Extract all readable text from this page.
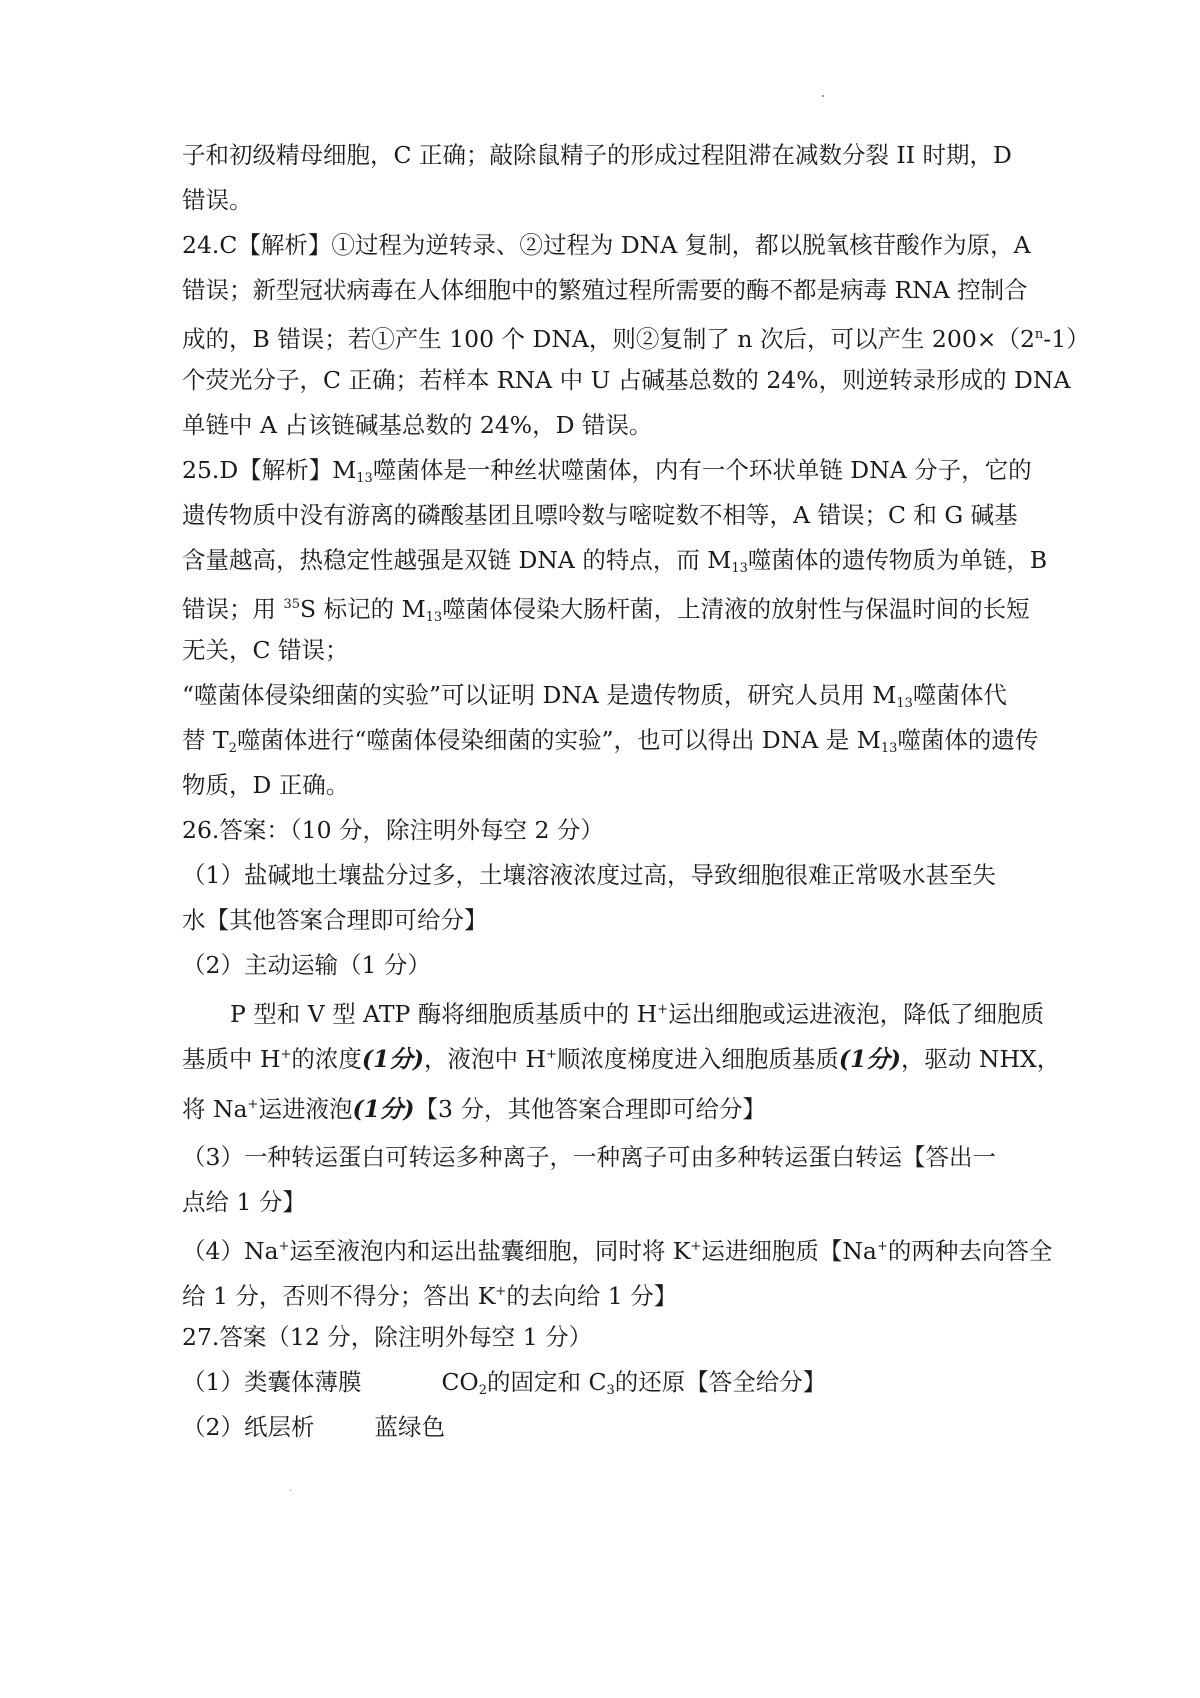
子和初级精母细胞，C 正确；敲除鼠精子的形成过程阻滞在减数分裂 II 时期，D
错误。
24.C【解析】①过程为逆转录、②过程为 DNA 复制，都以脱氧核苷酸作为原，A
错误；新型冠状病毒在人体细胞中的繁殖过程所需要的酶不都是病毒 RNA 控制合
成的，B 错误；若①产生 100 个 DNA，则②复制了 n 次后，可以产生 $200\times(2^n-1)$
个荧光分子，C 正确；若样本 RNA 中 U 占碱基总数的 24%，则逆转录形成的 DNA
单链中 A 占该链碱基总数的 24%，D 错误。
25.D【解析】$M_{13}$噬菌体是一种丝状噬菌体，内有一个环状单链 DNA 分子，它的
遗传物质中没有游离的磷酸基团且嘌呤数与嘧啶数不相等，A 错误；C 和 G 碱基
含量越高，热稳定性越强是双链 DNA 的特点，而 $M_{13}$噬菌体的遗传物质为单链，B
错误；用 $^{35}$S 标记的 $M_{13}$噬菌体侵染大肠杆菌，上清液的放射性与保温时间的长短
无关，C 错误；
“噬菌体侵染细菌的实验”可以证明 DNA 是遗传物质，研究人员用 $M_{13}$噬菌体代
替 $T_2$噬菌体进行“噬菌体侵染细菌的实验”，也可以得出 DNA 是 $M_{13}$噬菌体的遗传
物质，D 正确。
26.答案：（10 分，除注明外每空 2 分）
（1）盐碱地土壤盐分过多，土壤溶液浓度过高，导致细胞很难正常吸水甚至失
水【其他答案合理即可给分】
（2）主动运输（1 分）
P 型和 V 型 ATP 酶将细胞质基质中的 H+运出细胞或运进液泡，降低了细胞质
基质中 H+的浓度(1分)，液泡中 H+顺浓度梯度进入细胞质基质(1分)，驱动 NHX，
将 Na+运进液泡(1分)【3 分，其他答案合理即可给分】
（3）一种转运蛋白可转运多种离子，一种离子可由多种转运蛋白转运【答出一
点给 1 分】
（4）Na+运至液泡内和运出盐囊细胞，同时将 K+运进细胞质【Na+的两种去向答全
给 1 分，否则不得分；答出 K+的去向给 1 分】
27.答案（12 分，除注明外每空 1 分）
（1）类囊体薄膜	$CO_2$的固定和 $C_3$的还原【答全给分】
（2）纸层析	蓝绿色
